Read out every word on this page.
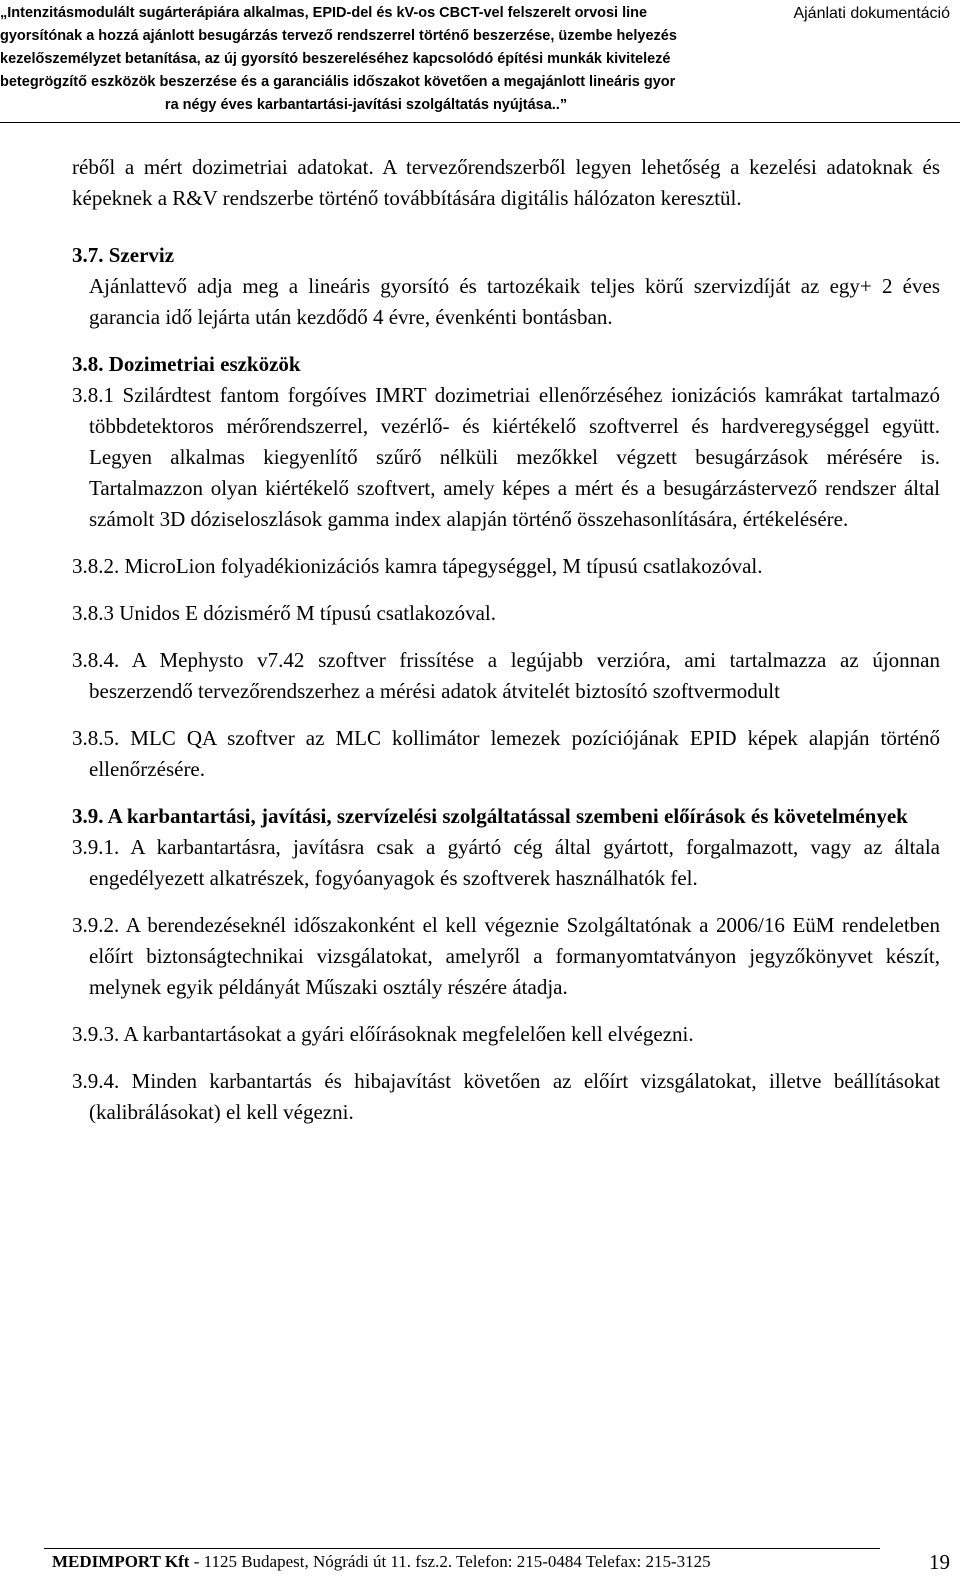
„Intenzitásmodulált sugárterápiára alkalmas, EPID-del és kV-os CBCT-vel felszerelt orvosi line
gyorsítónak a hozzá ajánlott besugárzás tervező rendszerrel történő beszerzése, üzembe helyezés
kezelőszemélyzet betanítása, az új gyorsító beszereléséhez kapcsolódó építési munkák kivitelezé
betegrögzítő eszközök beszerzése és a garanciális időszakot követően a megajánlott lineáris gyor
ra négy éves karbantartási-javítási szolgáltatás nyújtása..”
Ajánlati dokumentáció
réből a mért dozimetriai adatokat. A tervezőrendszerből legyen lehetőség a kezelési adatoknak és képeknek a R&V rendszerbe történő továbbítására digitális hálózaton keresztül.
3.7. Szerviz
Ajánlattevő adja meg a lineáris gyorsító és tartozékaik teljes körű szervizdíját az egy+ 2 éves garancia idő lejárta után kezdődő 4 évre, évenkénti bontásban.
3.8. Dozimetriai eszközök
3.8.1 Szilárdtest fantom forgóíves IMRT dozimetriai ellenőrzéséhez ionizációs kamrákat tartalmazó többdetektoros mérőrendszerrel, vezérlő- és kiértékelő szoftverrel és hardveregységgel együtt. Legyen alkalmas kiegyenlítő szűrő nélküli mezőkkel végzett besugárzások mérésére is. Tartalmazzon olyan kiértékelő szoftvert, amely képes a mért és a besugárzástervező rendszer által számolt 3D dóziseloszlások gamma index alapján történő összehasonlítására, értékelésére.
3.8.2. MicroLion folyadékionizációs kamra tápegységgel, M típusú csatlakozóval.
3.8.3 Unidos E dózismérő M típusú csatlakozóval.
3.8.4. A Mephysto v7.42 szoftver frissítése a legújabb verzióra, ami tartalmazza az újonnan beszerzendő tervezőrendszerhez a mérési adatok átvitelét biztosító szoftvermodult
3.8.5. MLC QA szoftver az MLC kollimátor lemezek pozíciójának EPID képek alapján történő ellenőrzésére.
3.9. A karbantartási, javítási, szervízelési szolgáltatással szembeni előírások és követelmények
3.9.1. A karbantartásra, javításra csak a gyártó cég által gyártott, forgalmazott, vagy az általa engedélyezett alkatrészek, fogyóanyagok és szoftverek használhatók fel.
3.9.2. A berendezéseknél időszakonként el kell végeznie Szolgáltatónak a 2006/16 EüM rendeletben előírt biztonságtechnikai vizsgálatokat, amelyről a formanyomtatványon jegyzőkönyvet készít, melynek egyik példányát Műszaki osztály részére átadja.
3.9.3. A karbantartásokat a gyári előírásoknak megfelelően kell elvégezni.
3.9.4. Minden karbantartás és hibajavítást követően az előírt vizsgálatokat, illetve beállításokat (kalibrálásokat) el kell végezni.
MEDIMPORT Kft - 1125 Budapest, Nógrádi út 11. fsz.2. Telefon: 215-0484 Telefax: 215-3125	19
